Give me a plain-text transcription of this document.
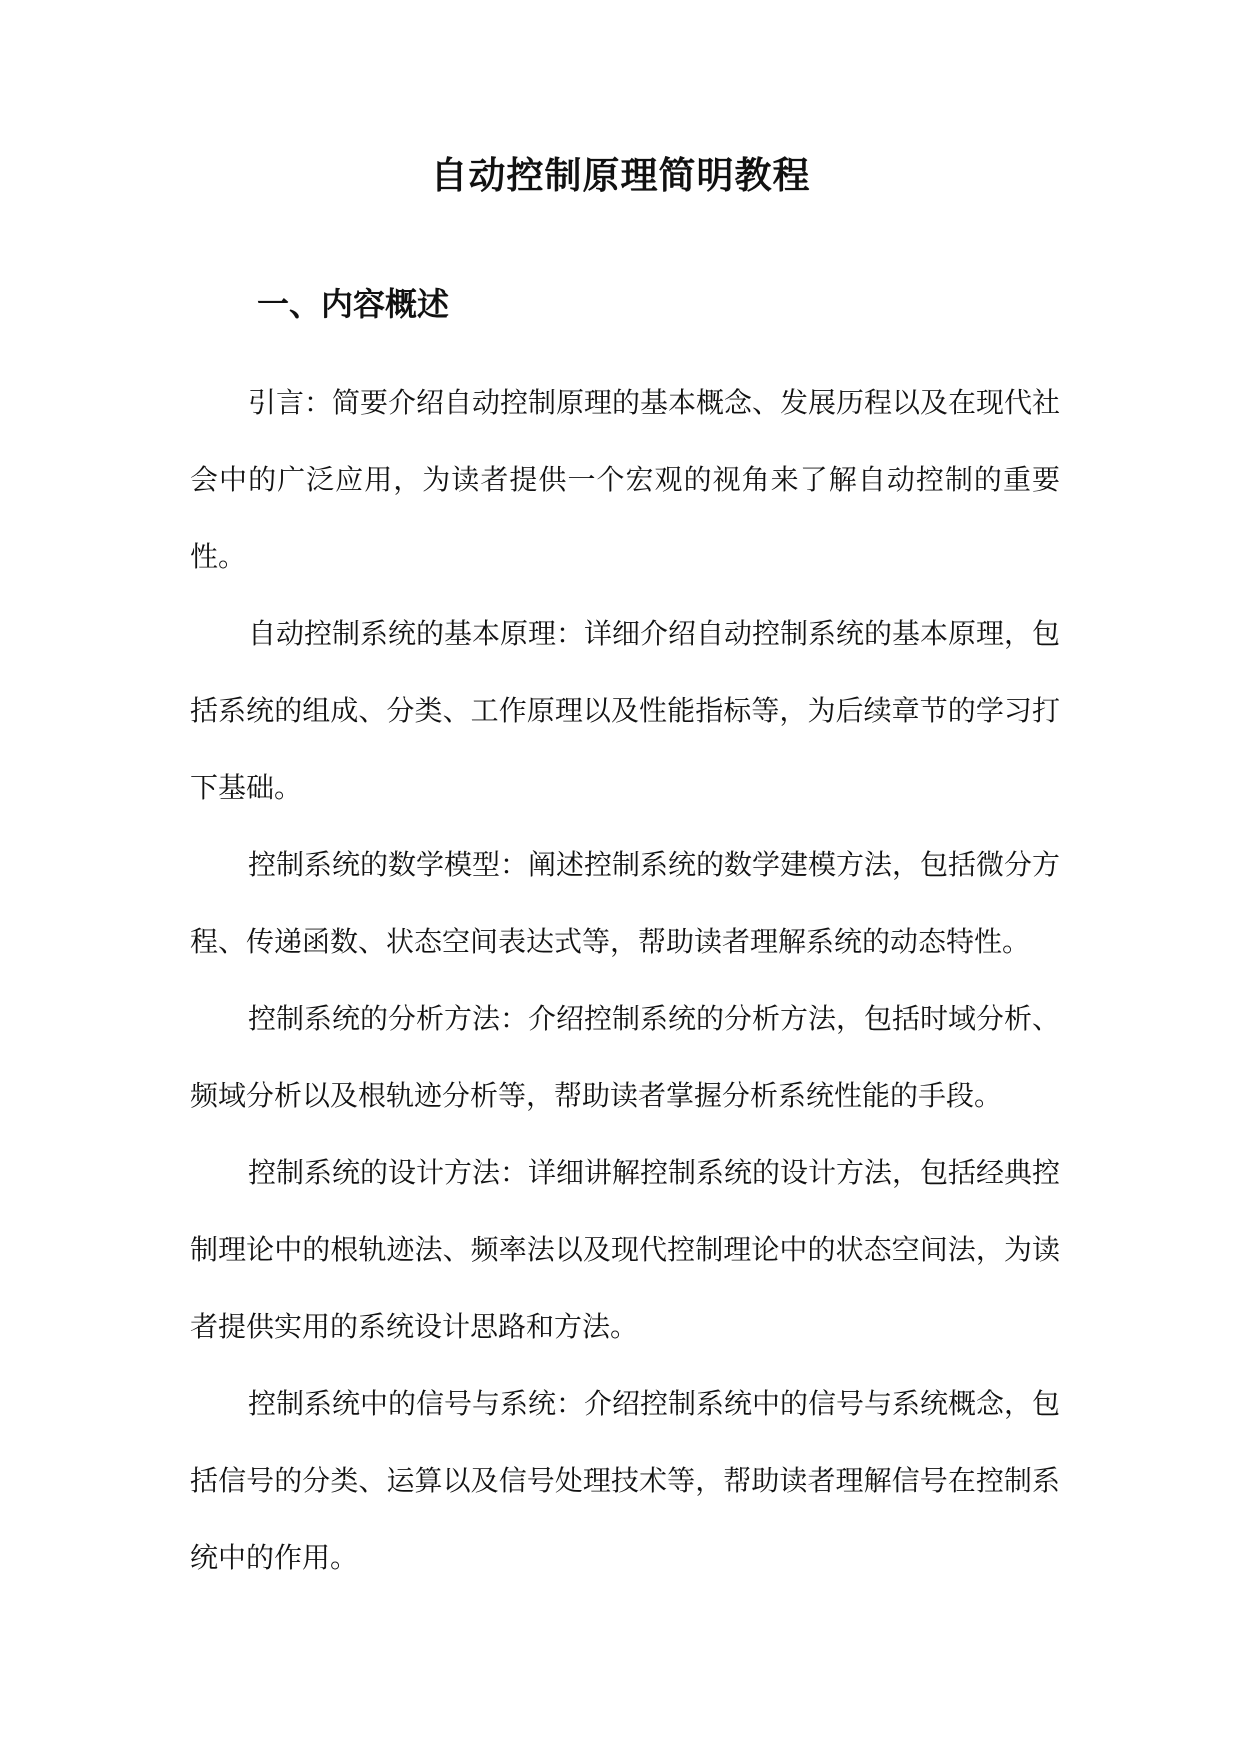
自动控制原理简明教程
一、内容概述

引言：简要介绍自动控制原理的基本概念、发展历程以及在现代社会中的广泛应用，为读者提供一个宏观的视角来了解自动控制的重要性。

自动控制系统的基本原理：详细介绍自动控制系统的基本原理，包括系统的组成、分类、工作原理以及性能指标等，为后续章节的学习打下基础。

控制系统的数学模型：阐述控制系统的数学建模方法，包括微分方程、传递函数、状态空间表达式等，帮助读者理解系统的动态特性。

控制系统的分析方法：介绍控制系统的分析方法，包括时域分析、频域分析以及根轨迹分析等，帮助读者掌握分析系统性能的手段。

控制系统的设计方法：详细讲解控制系统的设计方法，包括经典控制理论中的根轨迹法、频率法以及现代控制理论中的状态空间法，为读者提供实用的系统设计思路和方法。

控制系统中的信号与系统：介绍控制系统中的信号与系统概念，包括信号的分类、运算以及信号处理技术等，帮助读者理解信号在控制系统中的作用。
